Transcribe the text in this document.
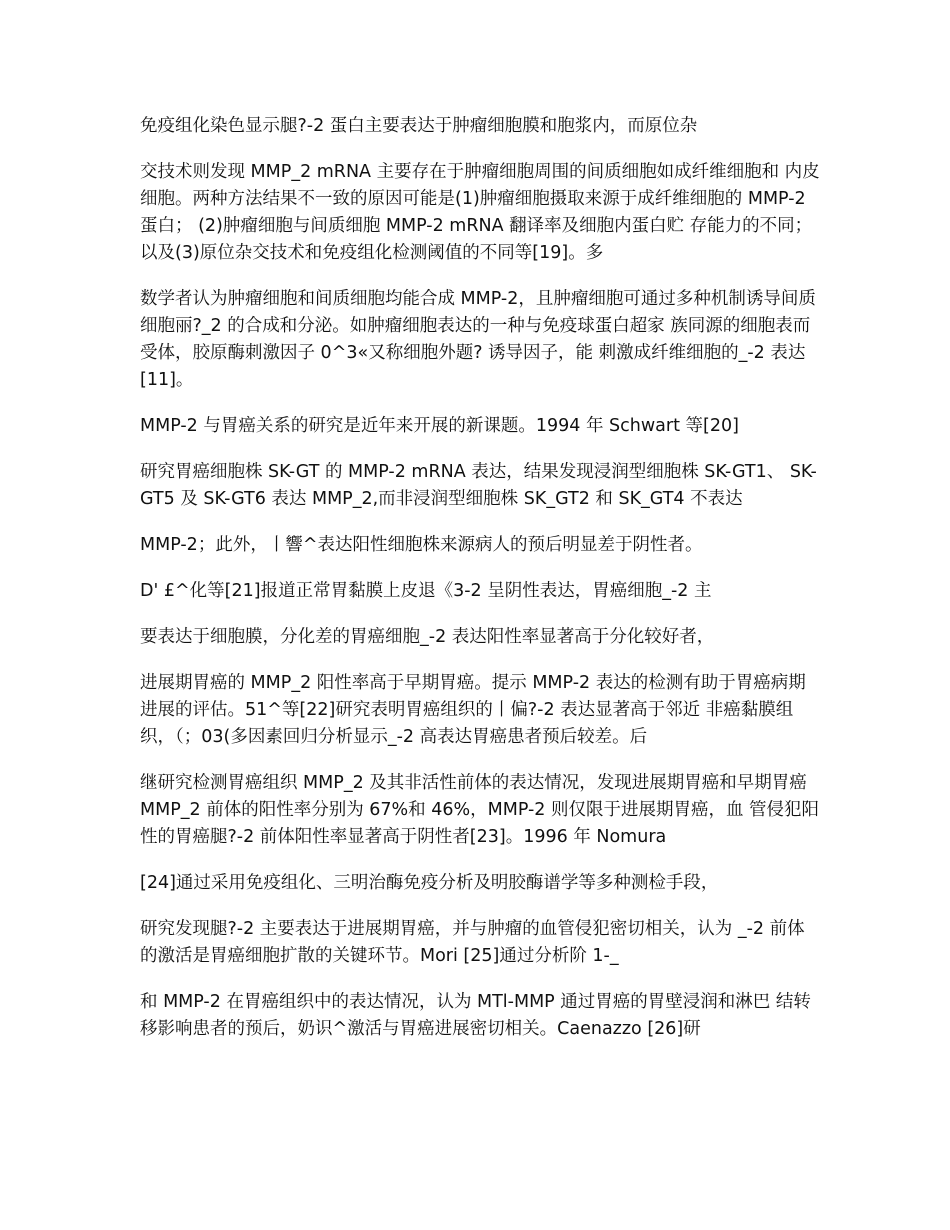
免疫组化染色显示腿?-2 蛋白主要表达于肿瘤细胞膜和胞浆内，而原位杂

交技术则发现 MMP_2 mRNA 主要存在于肿瘤细胞周围的间质细胞如成纤维细胞和 内皮细胞。两种方法结果不一致的原因可能是(1)肿瘤细胞摄取来源于成纤维细胞的 MMP-2 蛋白； (2)肿瘤细胞与间质细胞 MMP-2 mRNA 翻译率及细胞内蛋白贮 存能力的不同；以及(3)原位杂交技术和免疫组化检测阈值的不同等[19]。多

数学者认为肿瘤细胞和间质细胞均能合成 MMP-2，且肿瘤细胞可通过多种机制诱导间质细胞丽?_2 的合成和分泌。如肿瘤细胞表达的一种与免疫球蛋白超家 族同源的细胞表而受体，胶原酶刺激因子 0^3«又称细胞外题? 诱导因子，能 刺激成纤维细胞的_-2 表达[11]。

MMP-2 与胃癌关系的研究是近年来开展的新课题。1994 年 Schwart 等[20]

研究胃癌细胞株 SK-GT 的 MMP-2 mRNA 表达，结果发现浸润型细胞株 SK-GT1、 SK-GT5 及 SK-GT6 表达 MMP_2,而非浸润型细胞株 SK_GT2 和 SK_GT4 不表达

MMP-2；此外，丨響^表达阳性细胞株来源病人的预后明显差于阴性者。

D' £^化等[21]报道正常胃黏膜上皮退《3-2 呈阴性表达，胃癌细胞_-2 主

要表达于细胞膜，分化差的胃癌细胞_-2 表达阳性率显著高于分化较好者，

进展期胃癌的 MMP_2 阳性率高于早期胃癌。提示 MMP-2 表达的检测有助于胃癌病期进展的评估。51^等[22]研究表明胃癌组织的丨偏?-2 表达显著高于邻近 非癌黏膜组织，（；03(多因素回归分析显示_-2 高表达胃癌患者预后较差。后

继研究检测胃癌组织 MMP_2 及其非活性前体的表达情况，发现进展期胃癌和早期胃癌 MMP_2 前体的阳性率分别为 67%和 46%，MMP-2 则仅限于进展期胃癌，血 管侵犯阳性的胃癌腿?-2 前体阳性率显著高于阴性者[23]。1996 年 Nomura

[24]通过采用免疫组化、三明治酶免疫分析及明胶酶谱学等多种测检手段，

研究发现腿?-2 主要表达于进展期胃癌，并与肿瘤的血管侵犯密切相关，认为 _-2 前体的激活是胃癌细胞扩散的关键环节。Mori [25]通过分析阶 1-_

和 MMP-2 在胃癌组织中的表达情况，认为 MTl-MMP 通过胃癌的胃壁浸润和淋巴 结转移影响患者的预后，奶识^激活与胃癌进展密切相关。Caenazzo [26]研
